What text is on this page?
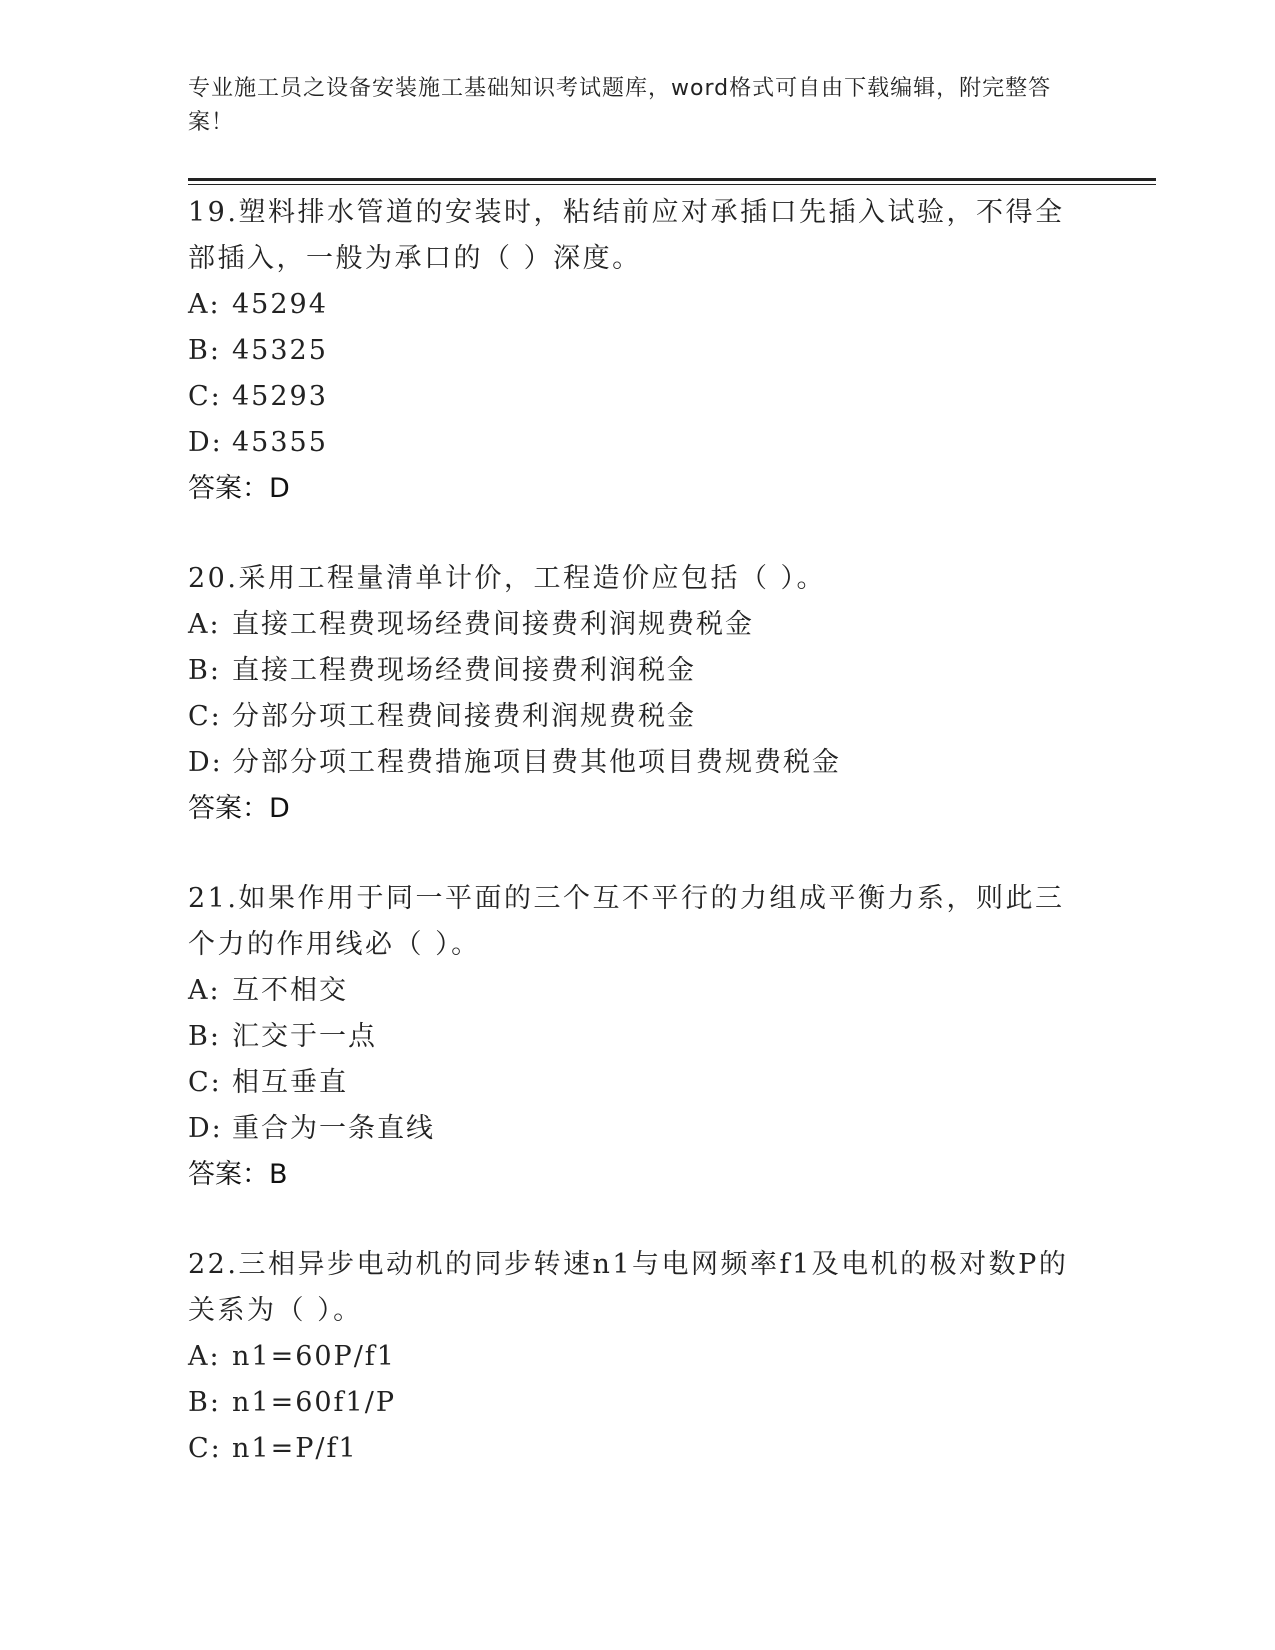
专业施工员之设备安装施工基础知识考试题库，word格式可自由下载编辑，附完整答案！

19.塑料排水管道的安装时，粘结前应对承插口先插入试验，不得全部插入，一般为承口的（ ）深度。

A: 45294

B: 45325

C: 45293

D: 45355

答案：D

20.采用工程量清单计价，工程造价应包括（ ）。

A: 直接工程费现场经费间接费利润规费税金

B: 直接工程费现场经费间接费利润税金

C: 分部分项工程费间接费利润规费税金

D: 分部分项工程费措施项目费其他项目费规费税金

答案：D

21.如果作用于同一平面的三个互不平行的力组成平衡力系，则此三个力的作用线必（ ）。

A: 互不相交

B: 汇交于一点

C: 相互垂直

D: 重合为一条直线

答案：B

22.三相异步电动机的同步转速n1与电网频率f1及电机的极对数P的关系为（ ）。

A: n1=60P/f1

B: n1=60f1/P

C: n1=P/f1
